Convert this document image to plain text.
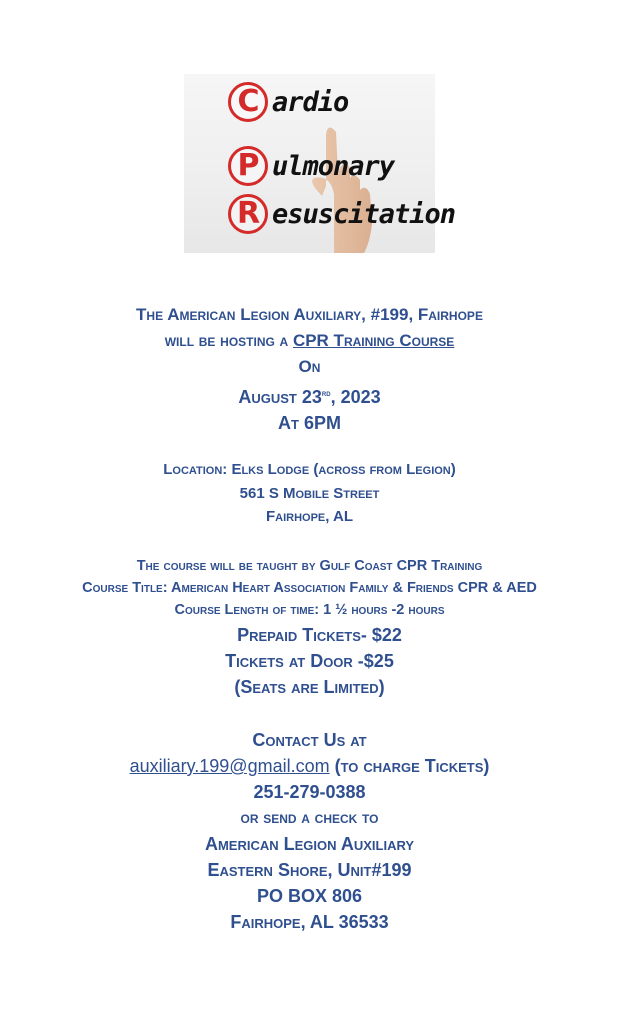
C ardio
P ulmonary
R esuscitation
The American Legion Auxiliary, #199, Fairhope
will be hosting a CPR Training Course
On
August 23rd, 2023
At 6PM
Location: Elks Lodge (across from Legion)
561 S Mobile Street
Fairhope, AL
The course will be taught by Gulf Coast CPR Training
Course Title: American Heart Association Family & Friends CPR & AED
Course Length of time: 1 ½ hours -2 hours
Prepaid Tickets- $22
Tickets at Door -$25
(Seats are Limited)
Contact Us at
auxiliary.199@gmail.com (to charge Tickets)
251-279-0388
or send a check to
American Legion Auxiliary
Eastern Shore, Unit#199
PO BOX 806
Fairhope, AL 36533
